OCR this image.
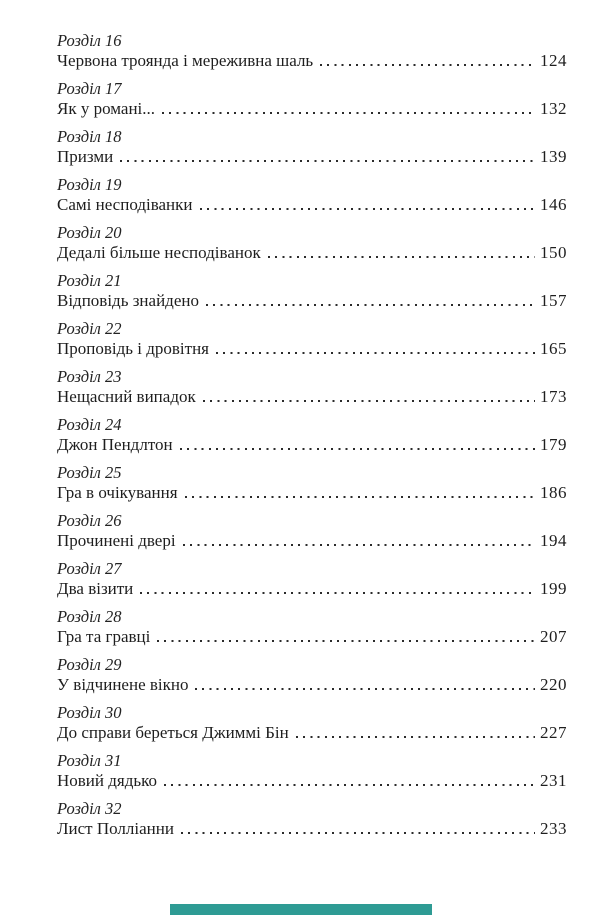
Розділ 16
Червона троянда і мереживна шаль	124
Розділ 17
Як у романі...	132
Розділ 18
Призми	139
Розділ 19
Самі несподіванки	146
Розділ 20
Дедалі більше несподіванок	150
Розділ 21
Відповідь знайдено	157
Розділ 22
Проповідь і дровітня	165
Розділ 23
Нещасний випадок	173
Розділ 24
Джон Пендлтон	179
Розділ 25
Гра в очікування	186
Розділ 26
Прочинені двері	194
Розділ 27
Два візити	199
Розділ 28
Гра та гравці	207
Розділ 29
У відчинене вікно	220
Розділ 30
До справи береться Джиммі Бін	227
Розділ 31
Новий дядько	231
Розділ 32
Лист Полліанни	233
